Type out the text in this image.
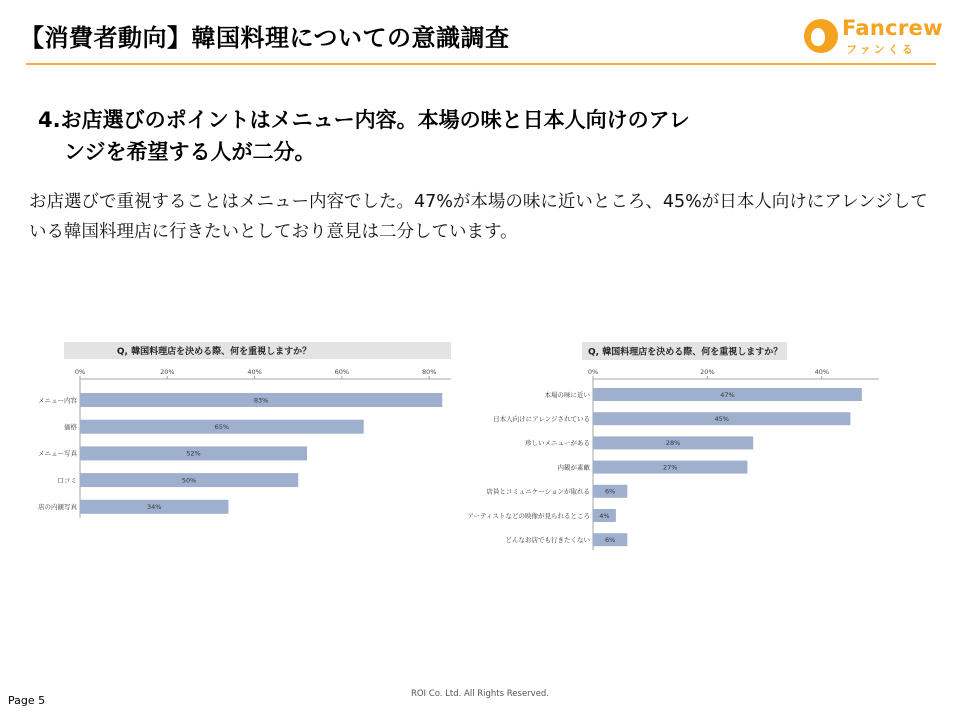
【消費者動向】韓国料理についての意識調査	Fancrew
ファンくる
4.お店選びのポイントはメニュー内容。本場の味と日本人向けのアレ
ンジを希望する人が二分。
お店選びで重視することはメニュー内容でした。47%が本場の味に近いところ、45%が日本人向けにアレンジしている韓国料理店に行きたいとしており意見は二分しています。
Q, 韓国料理店を決める際、何を重視しますか？
0%	20%	40%	60%	80%
メニュー内容	83%
価格	65%
メニュー写真	52%
口コミ	50%
店の内観写真	34%
Q, 韓国料理店を決める際、何を重視しますか？
0%	20%	40%
本場の味に近い	47%
日本人向けにアレンジされている	45%
珍しいメニューがある	28%
内観が素敵	27%
店員とコミュニケーションが取れる 6%
アーティストなどの映像が見られるところ 4%
どんなお店でも行きたくない 6%
Page 5	ROI Co. Ltd. All Rights Reserved.
